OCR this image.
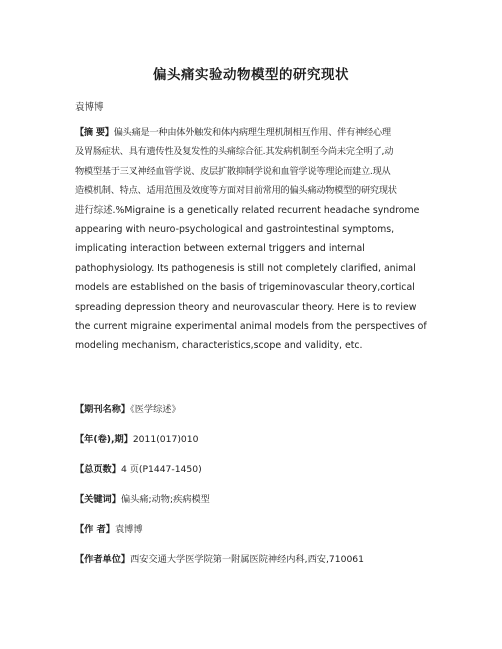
偏头痛实验动物模型的研究现状
袁博博
【摘 要】偏头痛是一种由体外触发和体内病理生理机制相互作用、伴有神经心理
及胃肠症状、具有遗传性及复发性的头痛综合征.其发病机制至今尚未完全明了,动
物模型基于三叉神经血管学说、皮层扩散抑制学说和血管学说等理论而建立.现从
造模机制、特点、适用范围及效度等方面对目前常用的偏头痛动物模型的研究现状
进行综述.%Migraine is a genetically related recurrent headache syndrome
appearing with neuro-psychological and gastrointestinal symptoms,
implicating interaction between external triggers and internal
pathophysiology. Its pathogenesis is still not completely clarified, animal
models are established on the basis of trigeminovascular theory,cortical
spreading depression theory and neurovascular theory. Here is to review
the current migraine experimental animal models from the perspectives of
modeling mechanism, characteristics,scope and validity, etc.
【期刊名称】《医学综述》
【年(卷),期】2011(017)010
【总页数】4 页(P1447-1450)
【关键词】偏头痛;动物;疾病模型
【作 者】袁博博
【作者单位】西安交通大学医学院第一附属医院神经内科,西安,710061
